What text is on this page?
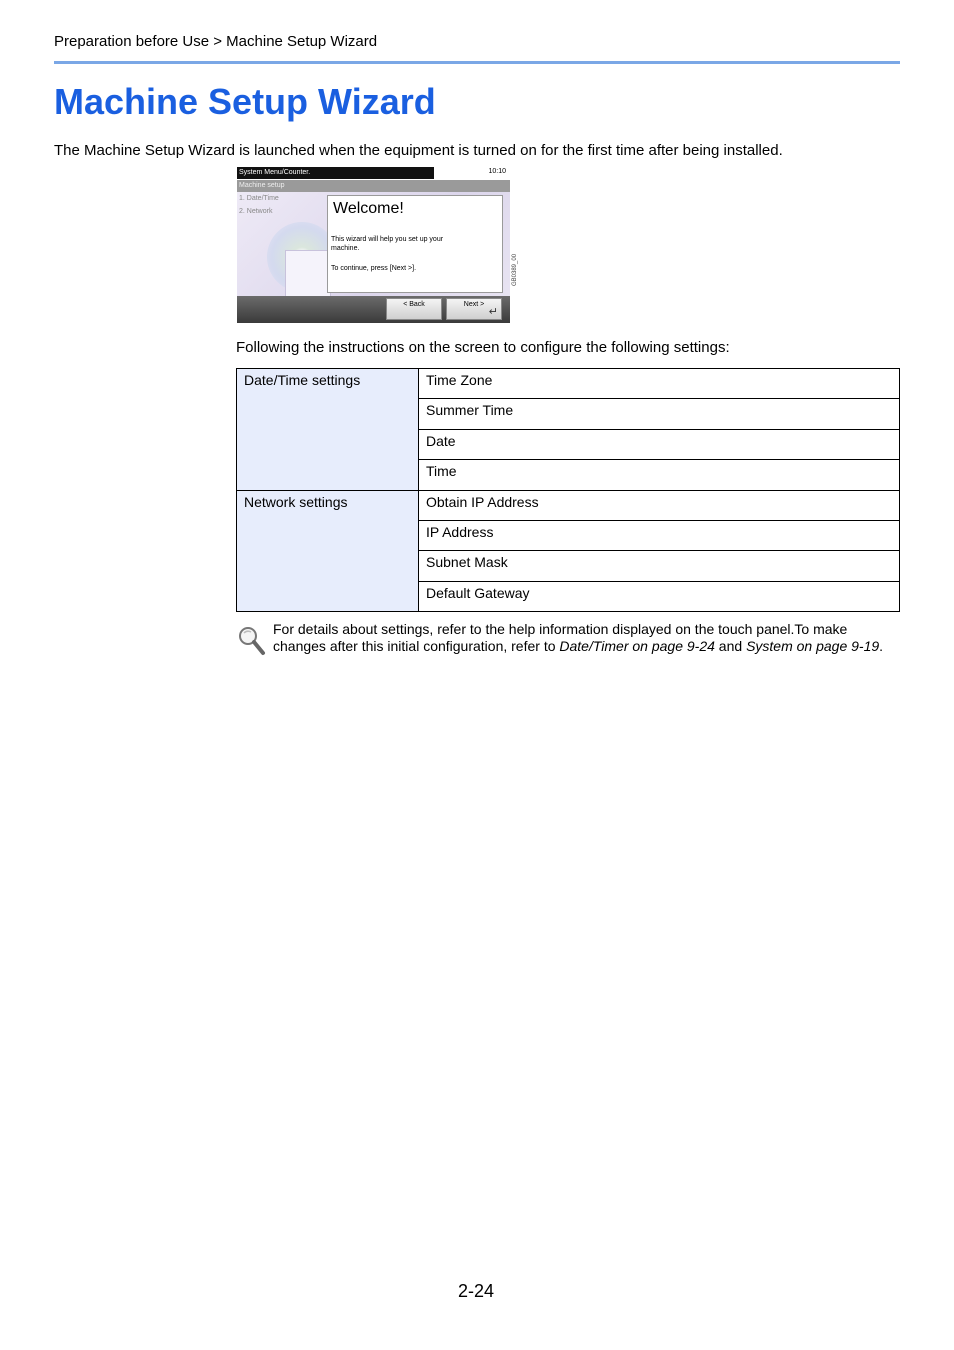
Preparation before Use > Machine Setup Wizard
Machine Setup Wizard
The Machine Setup Wizard is launched when the equipment is turned on for the first time after being installed.
System Menu/Counter.	10:10
Machine setup
1. Date/Time
2. Network	Welcome!
This wizard will help you set up your machine.
To continue, press [Next >].
< Back	Next >
↵
GB0389_00
Following the instructions on the screen to configure the following settings:
Date/Time settings	Time Zone
	Summer Time
	Date
	Time
Network settings	Obtain IP Address
	IP Address
	Subnet Mask
	Default Gateway
For details about settings, refer to the help information displayed on the touch panel.To make changes after this initial configuration, refer to Date/Timer on page 9-24 and System on page 9-19.
2-24
